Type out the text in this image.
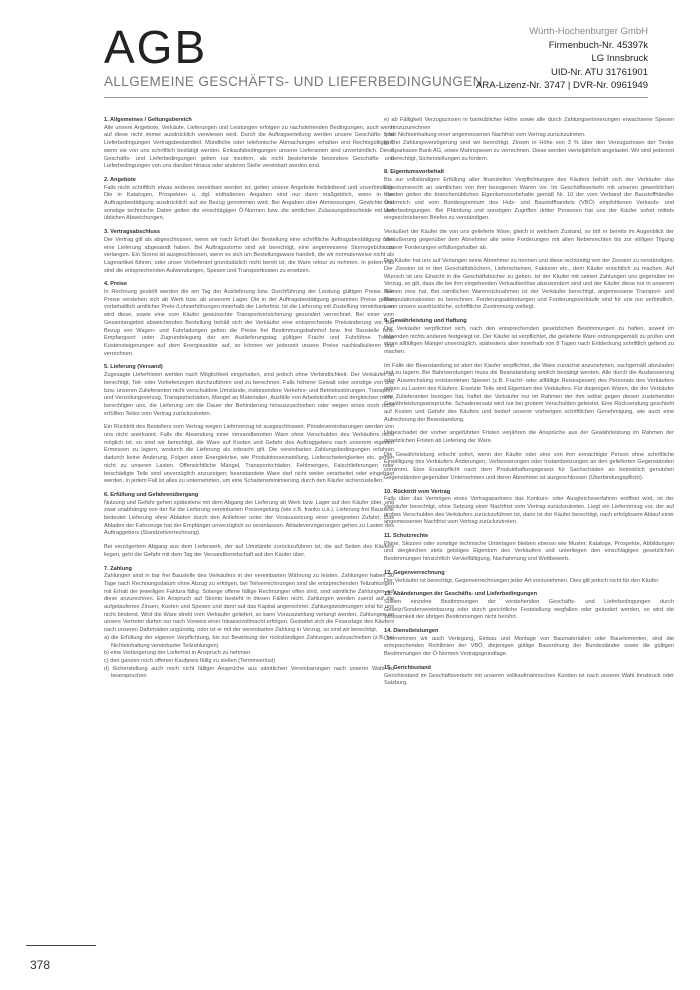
AGB
ALLGEMEINE GESCHÄFTS- UND LIEFERBEDINGUNGEN
Würth-Hochenburger GmbH
Firmenbuch-Nr. 45397k
LG Innsbruck
UID-Nr. ATU 31761901
ARA-Lizenz-Nr. 3747 | DVR-Nr. 0961949
1. Allgemeines / Geltungsbereich

Alle unsere Angebote, Verkäufe, Lieferungen und Leistungen erfolgen zu nachstehenden Bedingungen, auch wenn auf diese nicht immer ausdrücklich verwiesen wird. Durch die Auftragserteilung werden unsere Geschäfts- und Lieferbedingungen Vertragsbestandteil. Mündliche oder telefonische Abmachungen erhalten erst Rechtsgültigkeit, wenn sie von uns schriftlich bestätigt werden. Einkaufsbedingungen unserer Lieferanten sind unverbindlich. Diese Geschäfts- und Lieferbedingungen gelten nur insofern, als nicht bestehende besondere Geschäfts- und Lieferbedingungen von uns darüber hinaus oder anderen Stelle vereinbart worden sind.

2. Angebote

Falls nicht schriftlich etwas anderes vereinbart worden ist, gelten unsere Angebote freibleibend und unverbindlich. Die in Katalogen, Prospekten u. dgl. enthaltenen Angaben sind nur dann maßgeblich, wenn in der Auftragsbestätigung ausdrücklich auf sie Bezug genommen wird. Bei Angaben über Abmessungen, Gewichte und sonstige technische Daten gelten die einschlägigen Ö-Normen bzw. die amtlichen Zulassungsbescheide mit den üblichen Abweichungen.

3. Vertragsabschluss

Der Vertrag gilt als abgeschlossen, wenn wir nach Erhalt der Bestellung eine schriftliche Auftragsbestätigung oder eine Lieferung abgesandt haben. Bei Auftragsstorno sind wir berechtigt, eine angemessene Stornogebühr zu verlangen. Ein Storno ist ausgeschlossen, wenn es sich um Bestellungsware handelt, die wir normalerweise nicht als Lagerartikel führen, oder unser Vorlieferant grundsätzlich nicht bereit ist, die Ware retour zu nehmen. In jedem Fall sind die entsprechenden Aufwendungen, Spesen und Transportkosten zu ersetzen.

4. Preise

In Rechnung gestellt werden die am Tag der Auslieferung bzw. Durchführung der Leistung gültigen Preise. Alle Preise verstehen sich ab Werk bzw. ab unserem Lager. Die in der Auftragsbestätigung genannten Preise gelten vorbehaltlich amtlicher Preis-/Lohnerhöhungen innerhalb der Lieferfrist. Ist die Lieferung mit Zustellung vereinbart, so wird diese, sowie eine vom Käufer gewünschte Transportversicherung gesondert verrechnet. Bei einer vom Gesamtangebot abweichenden Bestellung behält sich der Verkäufer eine entsprechende Preisänderung vor. Bei Bezug von Wagen- und Fuhrladungen gelten die Preise frei Bestimmungsbahnhof bzw. frei Baustelle bzw. Empfangsort unter Zugrundelegung der am Auslieferungstag gültigen Fracht und Fuhrlöhne. Treten Kostensteigerungen auf dem Energiesektor auf, so können wir jederzeit unsere Preise nachkalkulieren und verrechnen.

5. Lieferung (Versand)

Zugesagte Lieferfristen werden nach Möglichkeit eingehalten, sind jedoch ohne Verbindlichkeit. Der Verkäufer ist berechtigt, Teil- oder Vorlieferungen durchzuführen und zu berechnen. Falls höherer Gewalt oder sonstige von uns bzw. unseren Zulieferanten nicht verschuldete Umstände, insbesondere Verkehrs- und Betriebsstörungen, Transport- und Verzollungsverzug, Transportschäden, Mangel an Materialien, Ausfälle von Arbeitskräften und dergleichen mehr, berechtigen uns, die Lieferung um die Dauer der Behinderung hinauszuschieben oder wegen eines noch nicht erfüllten Teiles vom Vertrag zurückzutreten.

Ein Rücktritt des Bestellers vom Vertrag wegen Lieferverzug ist ausgeschlossen. Pönalevereinbarungen werden von uns nicht anerkannt. Falls die Absendung einer versandbereiten Ware ohne Verschulden des Verkäufers nicht möglich ist, so sind wir berechtigt, die Ware auf Kosten und Gefahr des Auftraggebers nach unserem eigenen Ermessen zu lagern, wodurch die Lieferung als erbracht gilt. Die vereinbarten Zahlungsbedingungen erfahren dadurch keine Änderung. Folgen einer Energiekrise, wie Produktionseinstellung, Lieferschwierigkeiten etc. gehen nicht zu unseren Lasten. Offensichtliche Mängel, Transportschäden, Fehlmengen, Falschlieferungen oder beschädigte Teile sind unverzüglich anzuzeigen; beanstandete Ware darf nicht weiter verarbeitet oder eingebaut werden, in jedem Fall ist alles zu unternehmen, um eine Schadensminimierung durch den Käufer sicherzustellen.

6. Erfüllung und Gefahrenübergang

Nutzung und Gefahr gehen spätestens mit dem Abgang der Lieferung ab Werk bzw. Lager auf den Käufer über, und zwar unabhängig von der für die Lieferung vereinbarten Preisregelung (wie z.B. franko u.ä.). Lieferung frei Baustelle bedeutet Lieferung ohne Abladen durch den Anlieferer unter der Voraussetzung einer geeigneten Zufahrt. Das Abladen der Fahrzeuge hat der Empfänger unverzüglich zu veranlassen. Abladeverzögerungen gehen zu Lasten des Auftraggebers (Standzeitverrechnung).

Bei verzögertem Abgang aus dem Lieferwerk, der auf Umstände zurückzuführen ist, die auf Seiten des Käufers liegen, geht die Gefahr mit dem Tag der Versandbereitschaft auf den Käufer über.

7. Zahlung

Zahlungen sind in bar frei Baustelle des Verkäufers in der vereinbarten Währung zu leisten. Zahlungen haben 30 Tage nach Rechnungsdatum ohne Abzug zu erfolgen, bei Teilverrechnungen sind die entsprechenden Teilzahlungen mit Erhalt der jeweiligen Faktura fällig. Solange offene fällige Rechnungen offen sind, sind sämtliche Zahlungen auf diese anzurechnen. Ein Anspruch auf Skonto besteht in diesen Fällen nicht. Zahlungen werden zuerst auf die aufgelaufenen Zinsen, Kosten und Spesen und dann auf das Kapital angerechnet. Zahlungswidmungen sind für uns nicht bindend. Wird die Ware direkt vom Verkäufer geliefert, so kann Vorauszahlung verlangt werden. Zahlungen an unsere Vertreter dürfen nur nach Vorweis einer Inkassovollmacht erfolgen. Gestattet sich die Finanzlage des Käufers nach unseren Dafürhalten ungünstig, oder ist er mit der vereinbarten Zahlung in Verzug, so sind wir berechtigt,

a) die Erfüllung der eigenen Verpflichtung, bis zur Bewirkung der rückständigen Zahlungen aufzuschieben (z.B. bei Nichteinhaltung vereinbarter Teilzahlungen)
b) eine Verlängerung der Lieferfrist in Anspruch zu nehmen
c) den ganzen noch offenen Kaufpreis fällig zu stellen (Terminverlust)
d) Sicherstellung auch noch nicht fälliger Ansprüche aus sämtlichen Vereinbarungen nach unserer Wahl zu beanspruchen
e) ab Fälligkeit Verzugszinsen in banküblicher Höhe sowie alle durch Zahlungserinnerungen erwachsene Spesen hinzuzurechnen
f) bei Nichteinhaltung einer angemessenen Nachfrist vom Vertrag zurückzutreten.
g) Bei Zahlungsverzögerung sind wir berechtigt, Zinsen in Höhe von 3 % über den Verzugszinsen der Tiroler Sparkasse Bank AG, sowie Mahnspesen zu verrechnen. Diese werden vierteljährlich angelastet. Wir sind jederzeit berechtigt, Sicherstellungen zu fordern.
8. Eigentumsvorbehalt

Bis zur vollständigen Erfüllung aller finanziellen Verpflichtungen des Käufers behält sich der Verkäufer das Eigentumsrecht an sämtlichen von ihm bezogenen Waren vor. Im Geschäftsverkehr mit unseren gewerblichen Kunden gelten die branchenüblichen Eigentumsvorbehalte gemäß Nr. 10 der vom Verband der Baustoffhändler Österreich und vom Bundesgremium des Holz- und Baustoffhandels (VBÖ) empfohlenen Verkaufs- und Lieferbedingungen. Bei Pfändung und sonstigen Zugriffen dritter Personen hat uns der Käufer sofort mittels eingeschriebenen Briefes zu verständigen.

Veräußert der Käufer die von uns gelieferte Ware, gleich in welchem Zustand, so tritt er bereits im Augenblick der Veräußerung gegenüber dem Abnehmer alle seine Forderungen mit allen Nebenrechten bis zur völligen Tilgung unserer Forderungen erfüllungshalber ab.

Der Käufer hat uns auf Verlangen seine Abnehmer zu nennen und diese rechtzeitig von der Zession zu verständigen. Der Zession ist in den Geschäftsbüchern, Lieferscheinen, Fakturen etc., dem Käufer ersichtlich zu machen. Auf Wunsch ist uns Einsicht in die Geschäftsbücher zu geben. Ist der Käufer mit seinen Zahlungen uns gegenüber im Verzug, so gilt, dass die bei ihm eingehenden Verkaufserlöse abzusondern sind und der Käufer diese nur in unserem Namen inne hat. Bei sämtlichen Warenrücknahmen ist der Verkäufer berechtigt, angemessene Transport- und Manipulationskosten zu berechnen. Forderungsabtretungen und Forderungsverkäufe sind für uns nur verbindlich, wenn unsere ausdrückliche, schriftliche Zustimmung vorliegt.

9. Gewährleistung und Haftung

Der Verkäufer verpflichtet sich, nach den entsprechenden gesetzlichen Bestimmungen zu haften, soweit im folgenden nichts anderes festgelegt ist. Der Käufer ist verpflichtet, die gelieferte Ware ordnungsgemäß zu prüfen und einen allfälligen Mangel unverzüglich, spätestens aber innerhalb von 8 Tagen nach Entdeckung schriftlich geltend zu machen.

Im Falle der Beanstandung ist aber der Käufer verpflichtet, die Ware zunächst anzunehmen, sachgemäß abzuladen und zu lagern. Bei Bahnsendungen muss die Beanstandung amtlich bestätigt werden. Alle durch die Ausbesserung oder Auswechslung entstandenen Spesen (z.B. Fracht- oder allfällige Reisespesen) des Personals des Verkäufers gehen zu Lasten des Käufers. Ersetzte Teile sind Eigentum des Verkäufers. Für diejenigen Waren, die der Verkäufer von Zulieferanten bezogen hat, haftet der Verkäufer nur im Rahmen der ihm selbst gegen diesen zustehenden Gewährleistungsansprüche. Schadenersatz wird nur bei grobem Verschulden geleistet. Eine Rücksendung geschieht auf Kosten und Gefahr des Käufers und bedarf unserer vorherigen schriftlichen Genehmigung, wie auch eine Aufrechnung der Beanstandung.

Unbeschadet der vorher angeführten Fristen verjähren die Ansprüche aus der Gewährleistung im Rahmen der gesetzlichen Fristen ab Lieferung der Ware.

Die Gewährleistung erlischt sofort, wenn der Käufer oder eine von ihm ermächtigte Person ohne schriftliche Einwilligung des Verkäufers Änderungen, Verbesserungen oder Instandsetzungen an den gelieferten Gegenständen vornimmt. Eine Ersatzpflicht nach dem Produkthaftungsgesetz für Sachschäden an betrieblich genutzten Gegenständen gegenüber Unternehmen und deren Abnehmer ist ausgeschlossen (Überbindungspflicht).

10. Rücktritt vom Vertrag

Falls über das Vermögen eines Vertragspartners das Konkurs- oder Ausgleichsverfahren eröffnet wird, ist der Verkäufer berechtigt, ohne Setzung einer Nachfrist vom Vertrag zurückzutreten. Liegt ein Lieferverzug vor, der auf grobes Verschulden des Verkäufers zurückzuführen ist, dann ist der Käufer berechtigt, nach erfolglosem Ablauf einer angemessenen Nachfrist vom Vertrag zurückzutreten.

11. Schutzrechte

Pläne, Skizzen oder sonstige technische Unterlagen bleiben ebenso wie Muster, Kataloge, Prospekte, Abbildungen und dergleichen stets geistiges Eigentum des Verkäufers und unterliegen den einschlägigen gesetzlichen Bestimmungen hinsichtlich Vervielfältigung, Nachahmung und Wettbewerb.

12. Gegenverrechnung

Der Verkäufer ist berechtigt, Gegenverrechnungen jeder Art vorzunehmen. Dies gilt jedoch nicht für den Käufer.

13. Abänderungen der Geschäfts- und Lieferbedingungen

Sollten einzelne Bestimmungen der vorstehenden Geschäfts- und Lieferbedingungen durch Gesetz/Sondervereinbarung oder durch gerichtliche Feststellung wegfallen oder geändert werden, so wird die Wirksamkeit der übrigen Bestimmungen nicht berührt.

14. Dienstleistungen

Übernehmen wir auch Verlegung, Einbau und Montage von Baumaterialien oder Bauelementen, sind die entsprechenden Richtlinien der VBÖ, diejenigen gültige Bauordnung der Bundesländer sowie die gültigen Bestimmungen der Ö-Normen Vertragsgrundlage.

15. Gerichtsstand

Gerichtsstand im Geschäftsverkehr mit unseren vollkaufmännischen Kunden ist nach unserer Wahl Innsbruck oder Salzburg.

378
